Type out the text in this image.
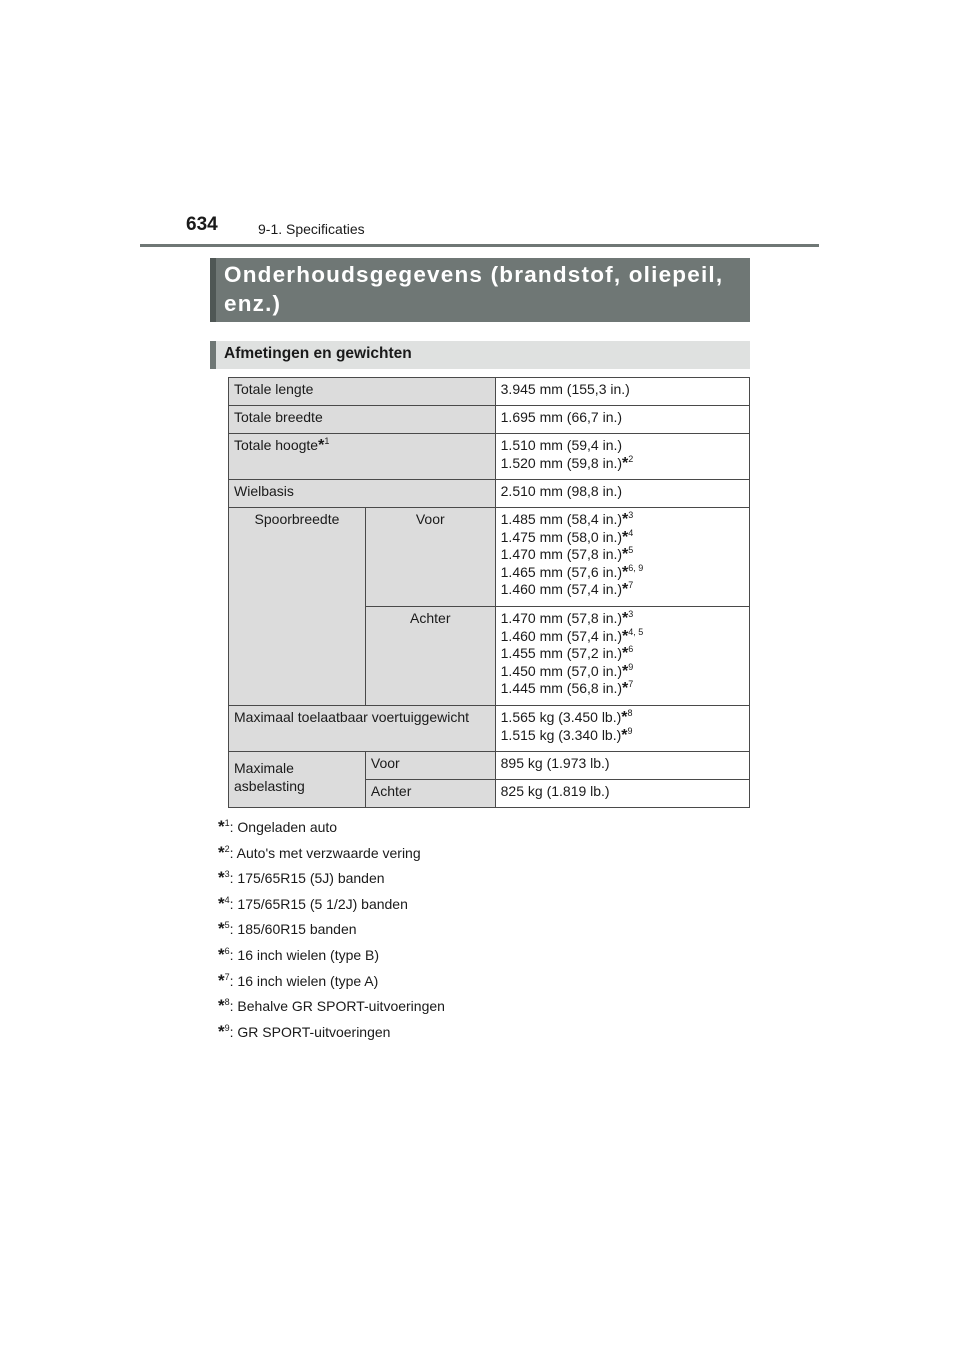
634	9-1. Specificaties
Onderhoudsgegevens (brandstof, oliepeil, enz.)
Afmetingen en gewichten
Totale lengte		3.945 mm (155,3 in.)
Totale breedte		1.695 mm (66,7 in.)
Totale hoogte*$^1$		1.510 mm (59,4 in.)
1.520 mm (59,8 in.)*$^2$

Wielbasis		2.510 mm (98,8 in.)
Spoorbreedte	Voor	1.485 mm (58,4 in.)*$^3$
1.475 mm (58,0 in.)*$^4$
1.470 mm (57,8 in.)*$^5$
1.465 mm (57,6 in.)*$^{6, 9}$
1.460 mm (57,4 in.)*$^7$

	Achter	1.470 mm (57,8 in.)*$^3$
1.460 mm (57,4 in.)*$^{4, 5}$
1.455 mm (57,2 in.)*$^6$
1.450 mm (57,0 in.)*$^9$
1.445 mm (56,8 in.)*$^7$

Maximaal toelaatbaar voertuiggewicht		1.565 kg (3.450 lb.)*$^8$
1.515 kg (3.340 lb.)*$^9$

Maximale asbelasting	Voor	895 kg (1.973 lb.)
	Achter	825 kg (1.819 lb.)
*$^1$: Ongeladen auto
*$^2$: Auto's met verzwaarde vering
*$^3$: 175/65R15 (5J) banden
*$^4$: 175/65R15 (5 1/2J) banden
*$^5$: 185/60R15 banden
*$^6$: 16 inch wielen (type B)
*$^7$: 16 inch wielen (type A)
*$^8$: Behalve GR SPORT-uitvoeringen
*$^9$: GR SPORT-uitvoeringen
